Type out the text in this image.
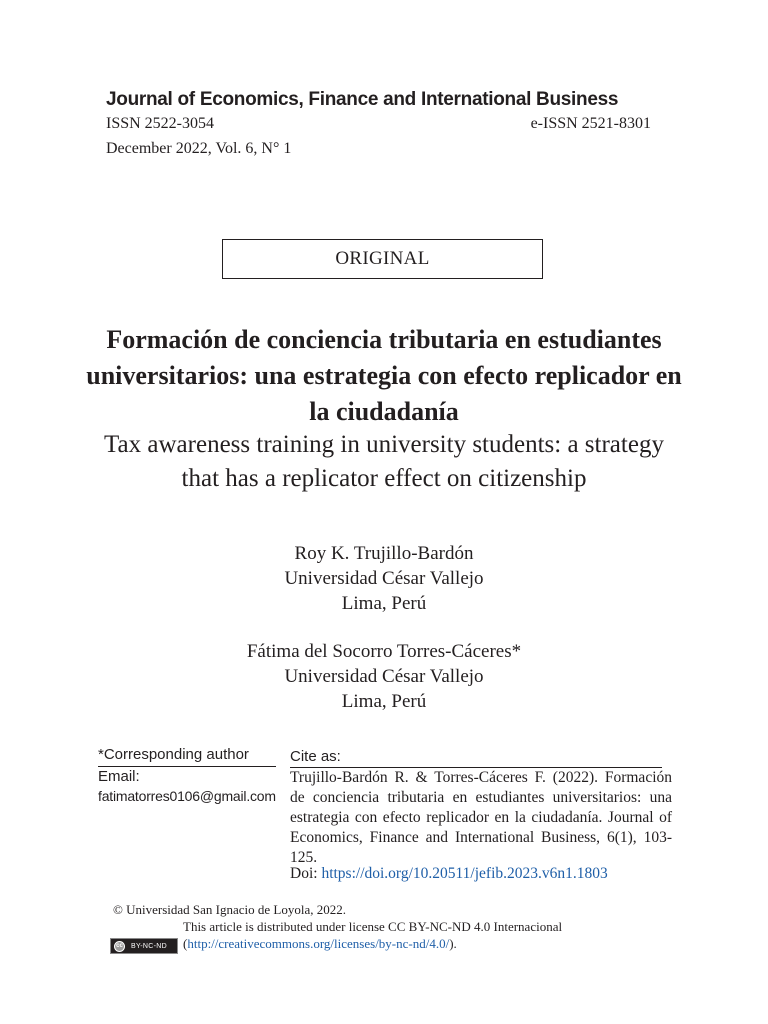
Journal of Economics, Finance and International Business
ISSN 2522-3054	e-ISSN 2521-8301
December 2022, Vol. 6, N° 1
ORIGINAL
Formación de conciencia tributaria en estudiantes universitarios: una estrategia con efecto replicador en la ciudadanía
Tax awareness training in university students: a strategy that has a replicator effect on citizenship
Roy K. Trujillo-Bardón
Universidad César Vallejo
Lima, Perú
Fátima del Socorro Torres-Cáceres*
Universidad César Vallejo
Lima, Perú
*Corresponding author
Email:
fatimatorres0106@gmail.com
Cite as:
Trujillo-Bardón R. & Torres-Cáceres F. (2022). Formación de conciencia tributaria en estudiantes universitarios: una estrategia con efecto replicador en la ciudadanía. Journal of Economics, Finance and International Business, 6(1), 103-125.
Doi: https://doi.org/10.20511/jefib.2023.v6n1.1803
© Universidad San Ignacio de Loyola, 2022.
This article is distributed under license CC BY-NC-ND 4.0 Internacional
cc	BY-NC-ND (http://creativecommons.org/licenses/by-nc-nd/4.0/).
